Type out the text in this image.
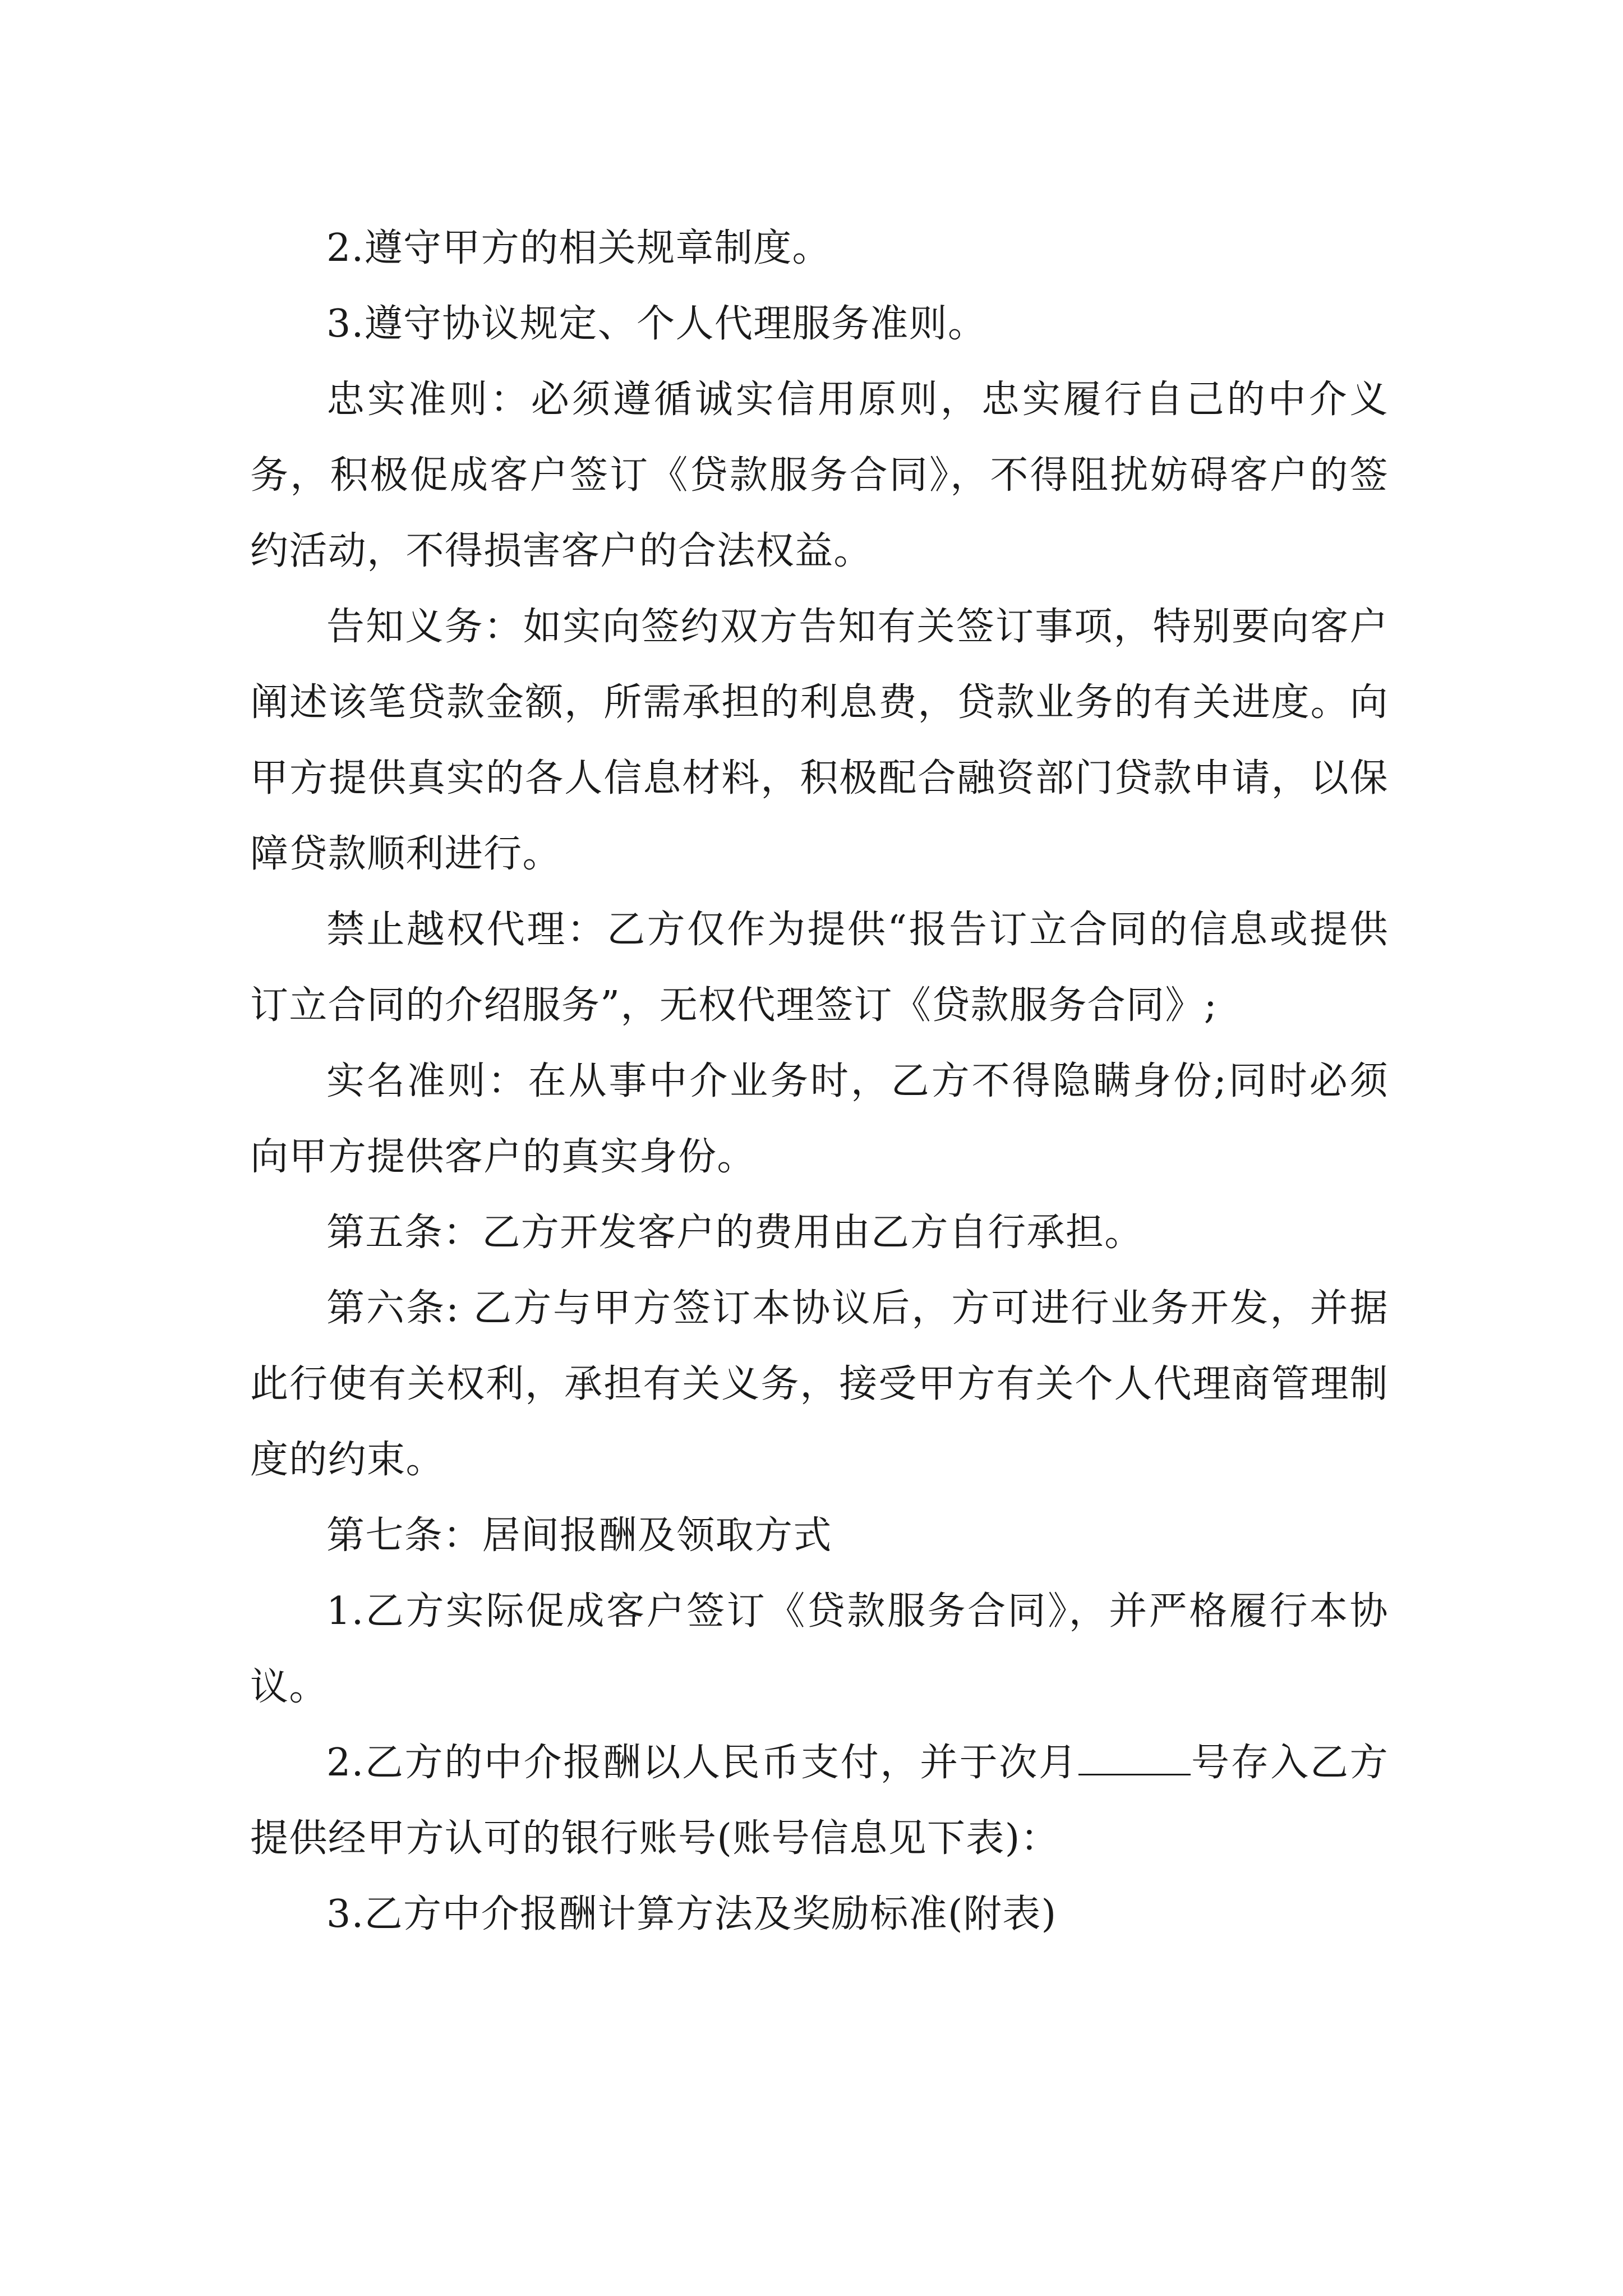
2.遵守甲方的相关规章制度。

3.遵守协议规定、个人代理服务准则。

忠实准则：必须遵循诚实信用原则，忠实履行自己的中介义务，积极促成客户签订《贷款服务合同》，不得阻扰妨碍客户的签约活动，不得损害客户的合法权益。

告知义务：如实向签约双方告知有关签订事项，特别要向客户阐述该笔贷款金额，所需承担的利息费，贷款业务的有关进度。向甲方提供真实的各人信息材料，积极配合融资部门贷款申请，以保障贷款顺利进行。

禁止越权代理：乙方仅作为提供“报告订立合同的信息或提供订立合同的介绍服务”，无权代理签订《贷款服务合同》;

实名准则：在从事中介业务时，乙方不得隐瞒身份;同时必须向甲方提供客户的真实身份。

第五条：乙方开发客户的费用由乙方自行承担。

第六条: 乙方与甲方签订本协议后，方可进行业务开发，并据此行使有关权利，承担有关义务，接受甲方有关个人代理商管理制度的约束。

第七条：居间报酬及领取方式

1.乙方实际促成客户签订《贷款服务合同》，并严格履行本协议。

2.乙方的中介报酬以人民币支付，并于次月	号存入乙方提供经甲方认可的银行账号(账号信息见下表)：

3.乙方中介报酬计算方法及奖励标准(附表)
